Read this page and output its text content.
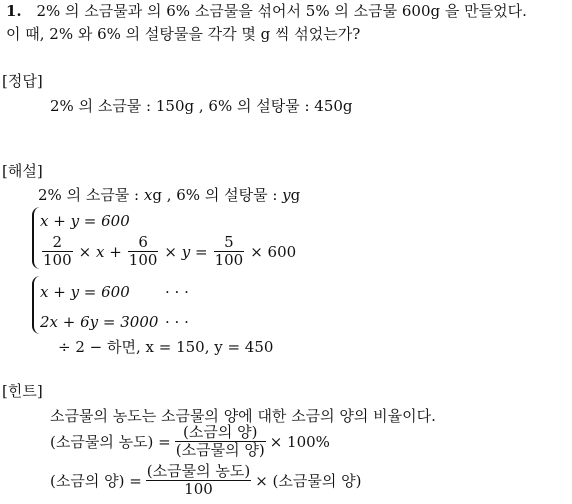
1. 2% 의 소금물과 의 6% 소금물을 섞어서 5% 의 소금물 600g 을 만들었다.
이 때, 2% 와 6% 의 설탕물을 각각 몇 g 씩 섞었는가?
[정답]
2% 의 소금물 : 150g , 6% 의 설탕물 : 450g
[해설]
2% 의 소금물 : xg , 6% 의 설탕물 : yg
x + y = 600
$\frac{2}{100} \times x + \frac{6}{100} \times y = \frac{5}{100} \times 600$
x + y = 600 · · ·
2x + 6y = 3000 · · ·
÷ 2 − 하면, x = 150, y = 450
[힌트]
소금물의 농도는 소금물의 양에 대한 소금의 양의 비율이다.
(소금물의 농도) = $\frac{\text{(소금의 양)}}{\text{(소금물의 양)}} \times 100\%$
(소금의 양) = $\frac{\text{(소금물의 농도)}}{100}$ × (소금물의 양)
